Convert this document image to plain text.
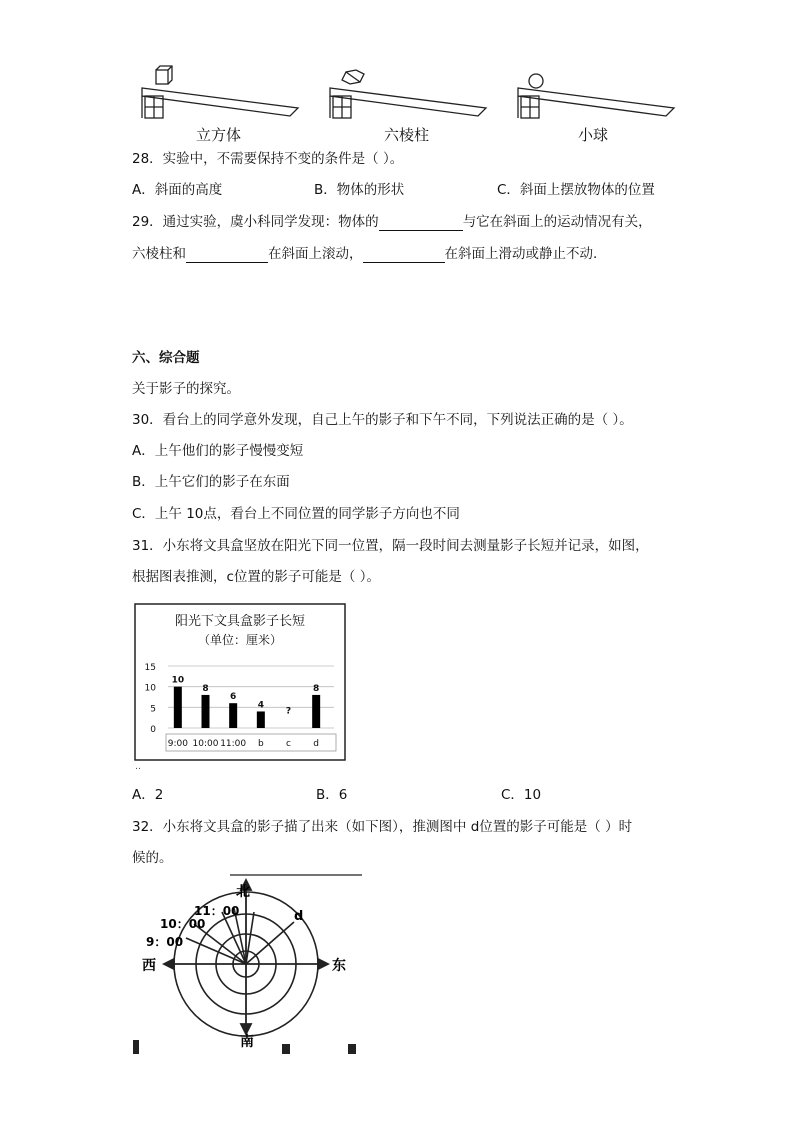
立方体	六棱柱	小球
28．实验中，不需要保持不变的条件是（ ）。
A．斜面的高度	B．物体的形状	C．斜面上摆放物体的位置
29．通过实验，虞小科同学发现：物体的	与它在斜面上的运动情况有关，
六棱柱和	在斜面上滚动，	在斜面上滑动或静止不动.
六、综合题
关于影子的探究。
30．看台上的同学意外发现，自己上午的影子和下午不同，下列说法正确的是（ ）。
A．上午他们的影子慢慢变短
B．上午它们的影子在东面
C．上午 10点，看台上不同位置的同学影子方向也不同
31．小东将文具盒坚放在阳光下同一位置，隔一段时间去测量影子长短并记录，如图，
根据图表推测，c位置的影子可能是（ ）。
阳光下文具盒影子长短
（单位：厘米）
15
10
5
0
10
8
6
4
?
8
9:00 10:00 11:00 b c d
‥
A．2	B．6	C．10
32．小东将文具盒的影子描了出来（如下图），推测图中 d位置的影子可能是（ ）时
候的。
北
南
西	东
11：00
10：00
9：00
d
